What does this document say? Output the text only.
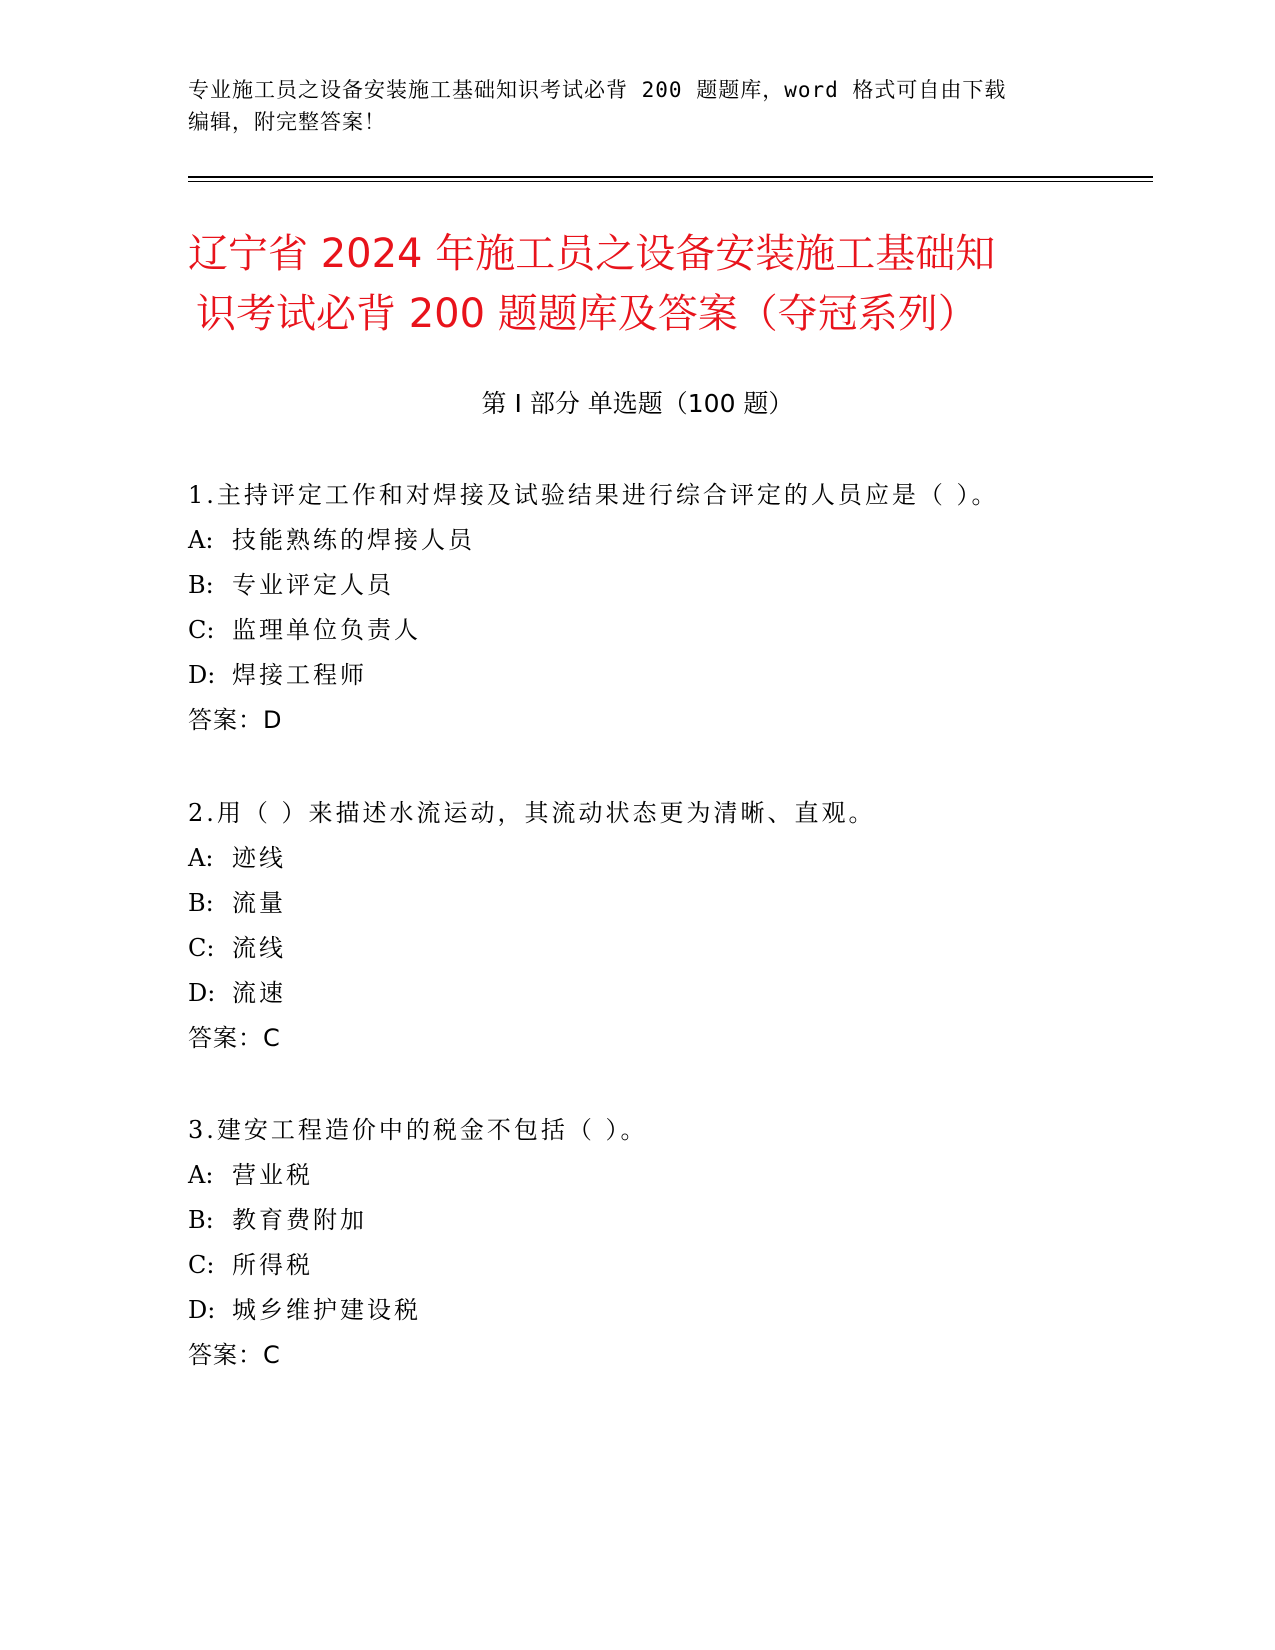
专业施工员之设备安装施工基础知识考试必背 200 题题库，word 格式可自由下载
编辑，附完整答案！
辽宁省 2024 年施工员之设备安装施工基础知
识考试必背 200 题题库及答案（夺冠系列）
第 I 部分 单选题（100 题）
1.主持评定工作和对焊接及试验结果进行综合评定的人员应是（ ）。
A: 技能熟练的焊接人员
B: 专业评定人员
C: 监理单位负责人
D: 焊接工程师
答案：D
2.用（ ）来描述水流运动，其流动状态更为清晰、直观。
A: 迹线
B: 流量
C: 流线
D: 流速
答案：C
3.建安工程造价中的税金不包括（ ）。
A: 营业税
B: 教育费附加
C: 所得税
D: 城乡维护建设税
答案：C
